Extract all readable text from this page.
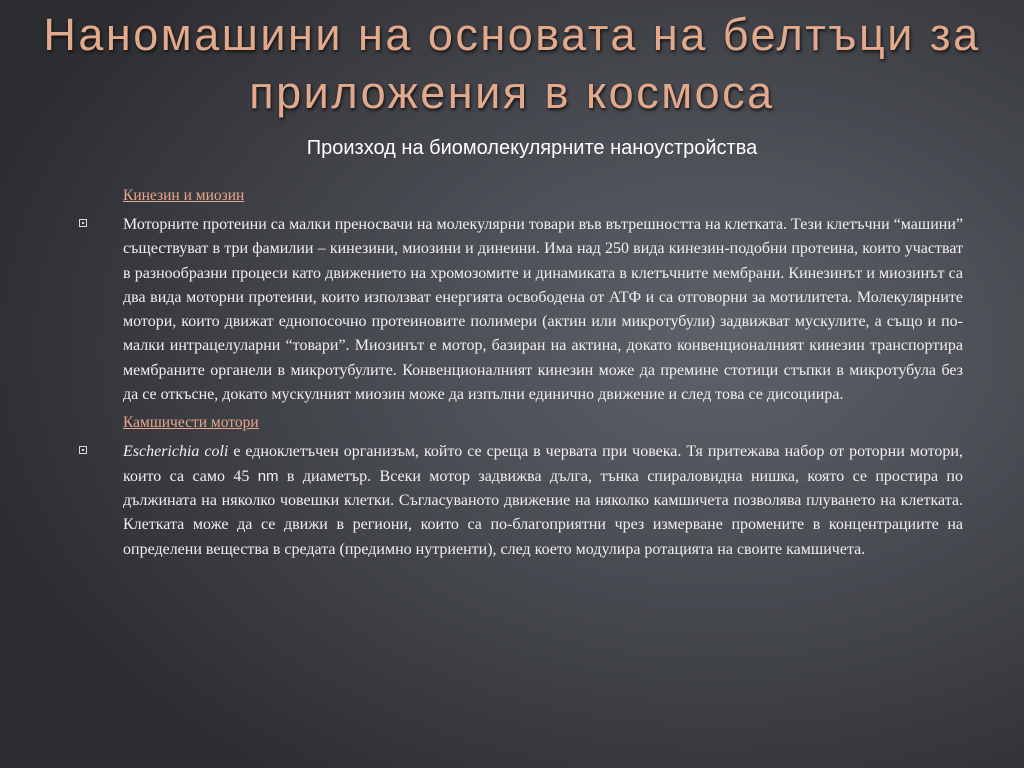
Наномашини на основата на белтъци за приложения в космоса

Произход на биомолекулярните наноустройства

Кинезин и миозин

Моторните протеини са малки преносвачи на молекулярни товари във вътрешността на клетката. Тези клетъчни “машини” съществуват в три фамилии – кинезини, миозини и динеини. Има над 250 вида кинезин-подобни протеина, които участват в разнообразни процеси като движението на хромозомите и динамиката в клетъчните мембрани. Кинезинът и миозинът са два вида моторни протеини, които използват енергията освободена от АТФ и са отговорни за мотилитета. Молекулярните мотори, които движат еднопосочно протеиновите полимери (актин или микротубули) задвижват мускулите, а също и по-малки интрацелуларни “товари”. Миозинът е мотор, базиран на актина, докато конвенционалният кинезин транспортира мембраните органели в микротубулите. Конвенционалният кинезин може да премине стотици стъпки в микротубула без да се откъсне, докато мускулният миозин може да изпълни единично движение и след това се дисоциира.

Камшичести мотори

Escherichia coli е едноклетъчен организъм, който се среща в червата при човека. Тя притежава набор от роторни мотори, които са само 45 nm в диаметър. Всеки мотор задвижва дълга, тънка спираловидна нишка, която се простира по дължината на няколко човешки клетки. Съгласуваното движение на няколко камшичета позволява плуването на клетката. Клетката може да се движи в региони, които са по-благоприятни чрез измерване промените в концентрациите на определени вещества в средата (предимно нутриенти), след което модулира ротацията на своите камшичета.
